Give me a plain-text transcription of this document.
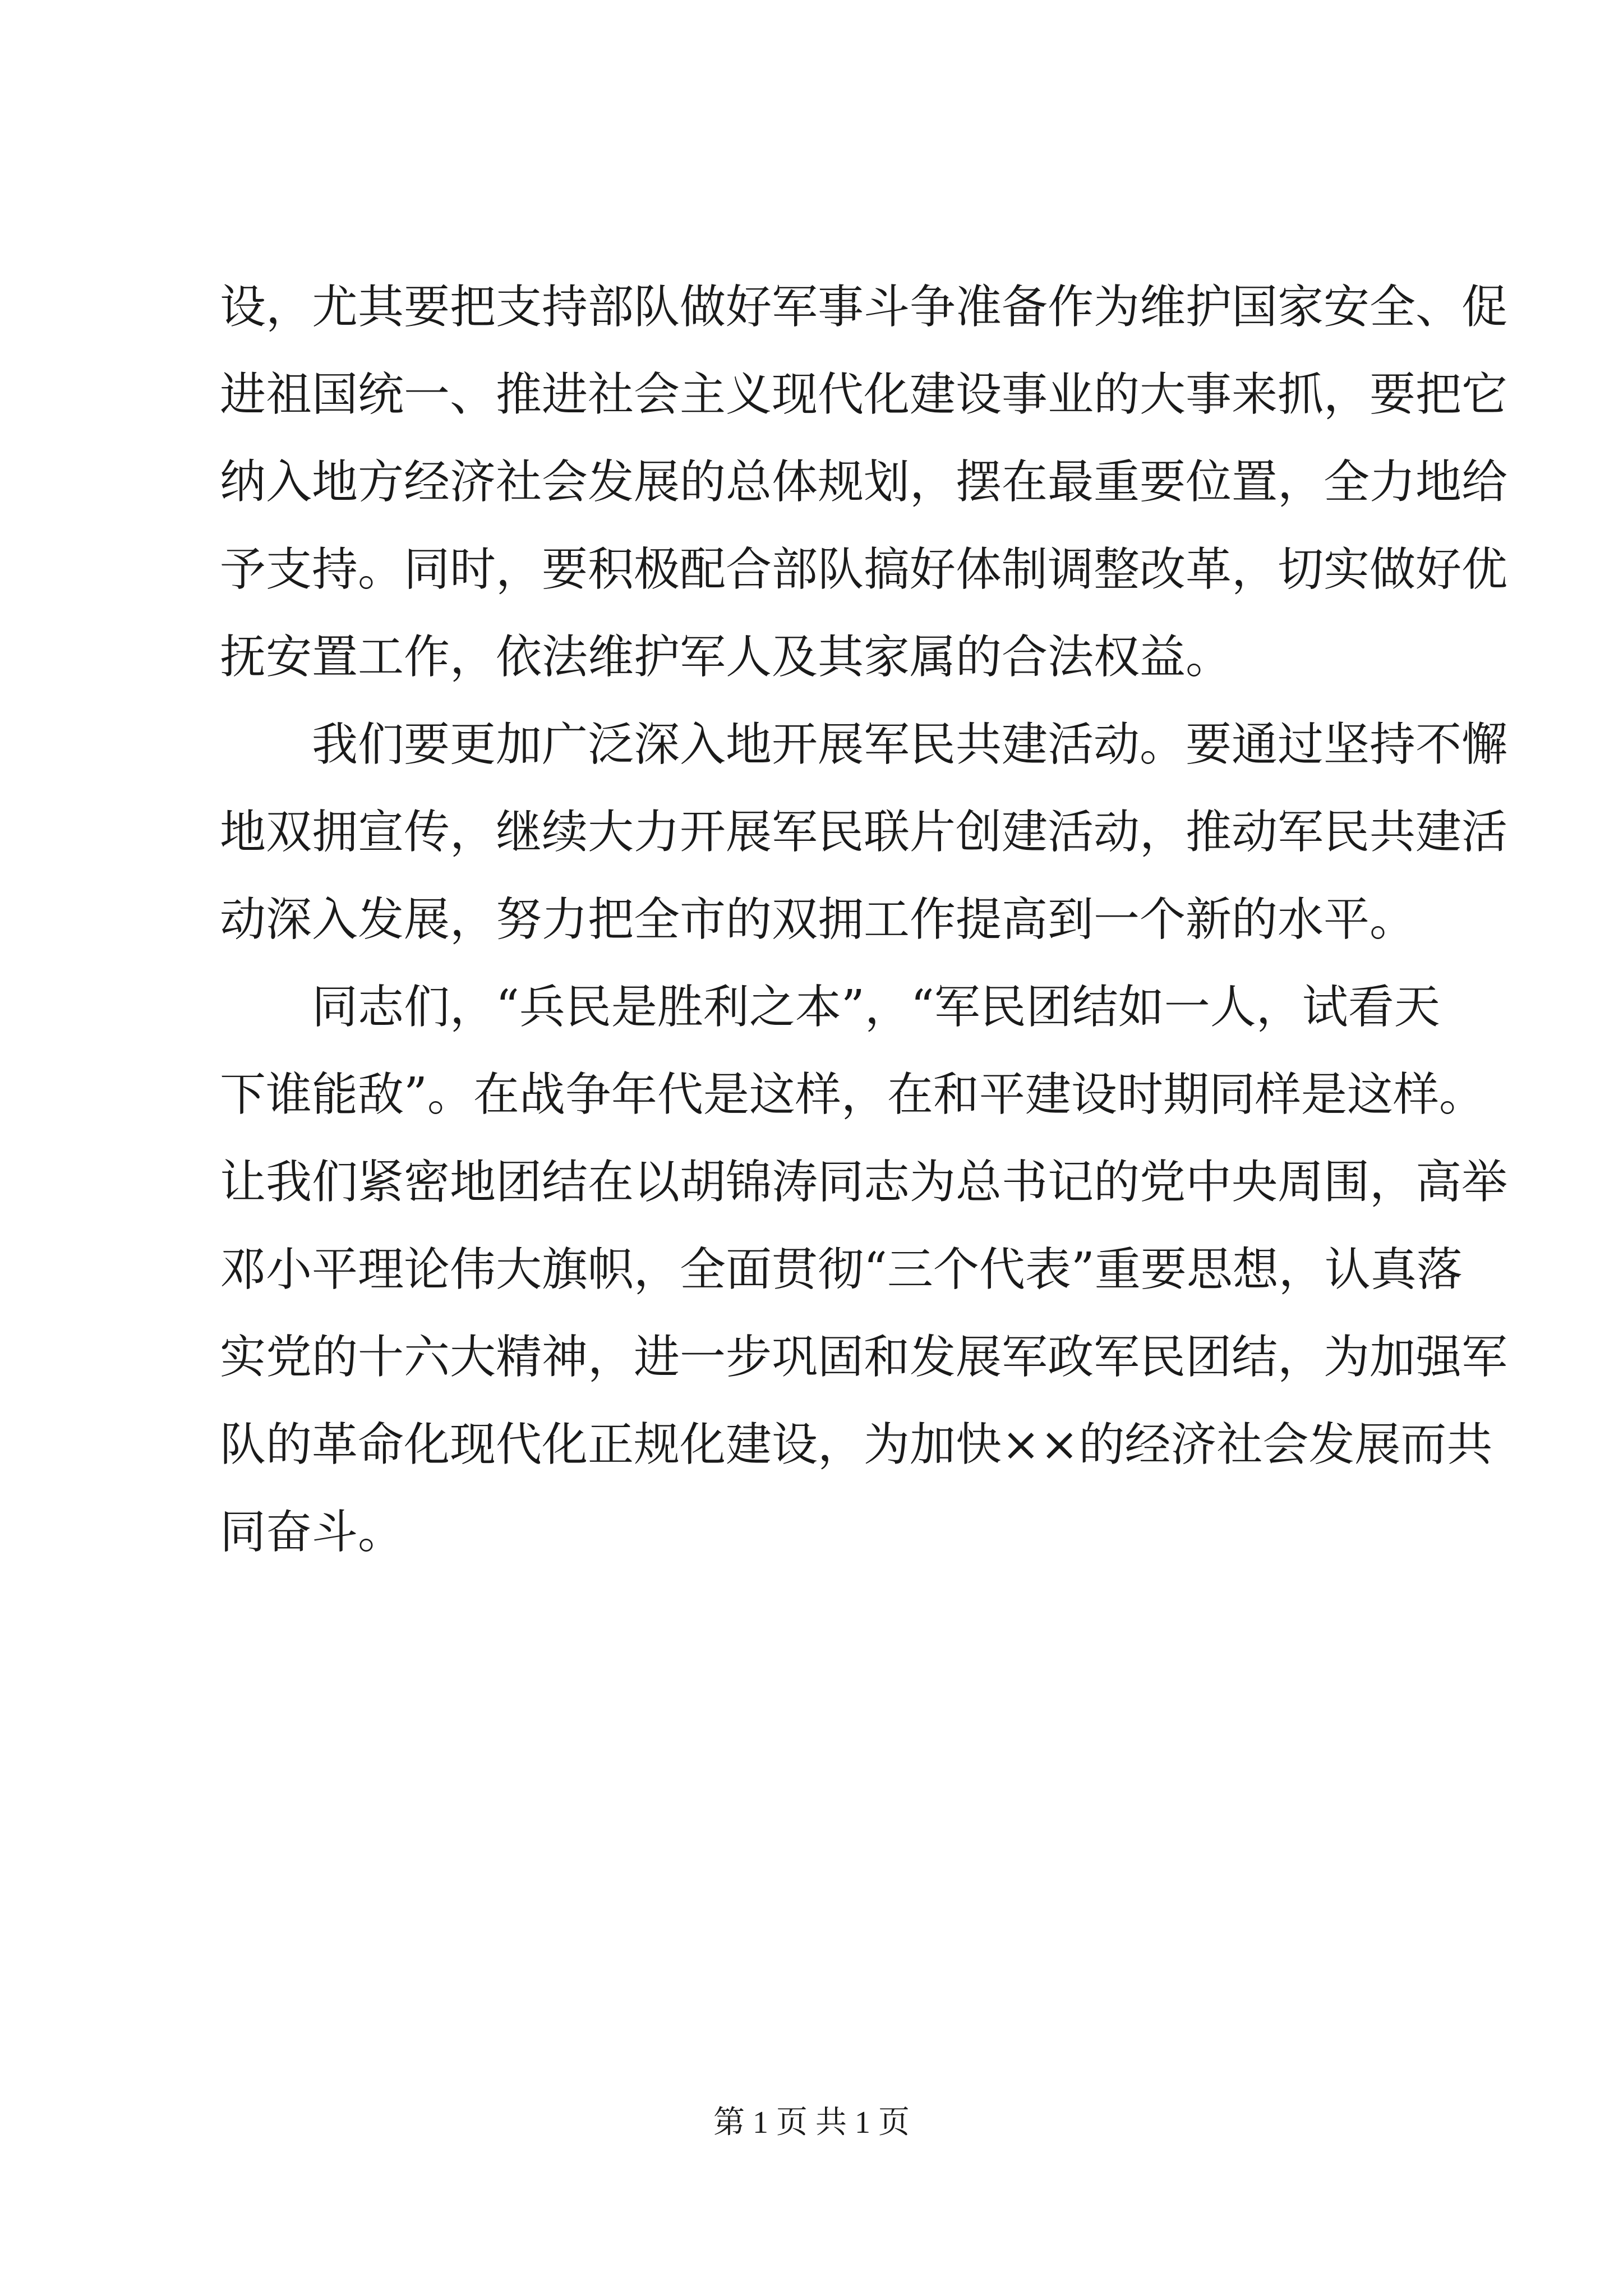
设，尤其要把支持部队做好军事斗争准备作为维护国家安全、促
进祖国统一、推进社会主义现代化建设事业的大事来抓，要把它
纳入地方经济社会发展的总体规划，摆在最重要位置，全力地给
予支持。同时，要积极配合部队搞好体制调整改革，切实做好优
抚安置工作，依法维护军人及其家属的合法权益。
我们要更加广泛深入地开展军民共建活动。要通过坚持不懈
地双拥宣传，继续大力开展军民联片创建活动，推动军民共建活
动深入发展，努力把全市的双拥工作提高到一个新的水平。
同志们，“兵民是胜利之本”，“军民团结如一人，试看天
下谁能敌”。在战争年代是这样，在和平建设时期同样是这样。
让我们紧密地团结在以胡锦涛同志为总书记的党中央周围，高举
邓小平理论伟大旗帜，全面贯彻“三个代表”重要思想，认真落
实党的十六大精神，进一步巩固和发展军政军民团结，为加强军
队的革命化现代化正规化建设，为加快××的经济社会发展而共
同奋斗。
第 1 页 共 1 页
